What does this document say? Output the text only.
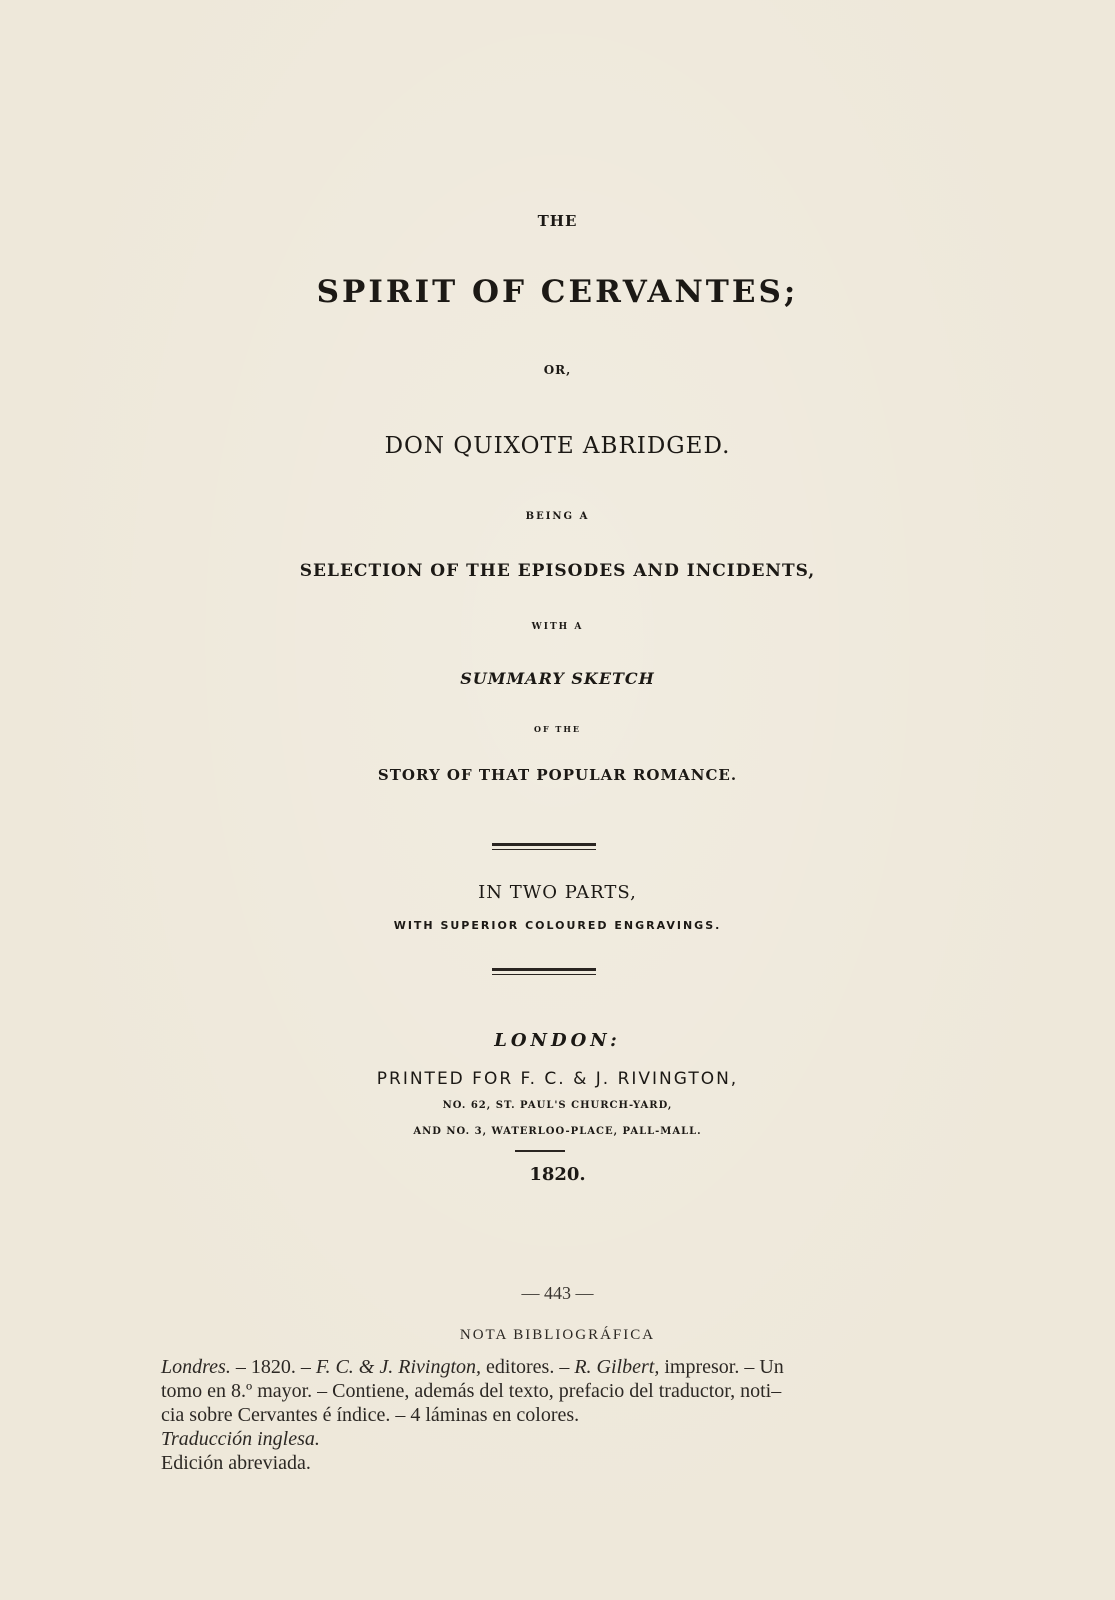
THE
SPIRIT OF CERVANTES;
OR,
DON QUIXOTE ABRIDGED.
BEING A
SELECTION OF THE EPISODES AND INCIDENTS,
WITH A
SUMMARY SKETCH
OF THE
STORY OF THAT POPULAR ROMANCE.
IN TWO PARTS,
WITH SUPERIOR COLOURED ENGRAVINGS.
LONDON:
PRINTED FOR F. C. & J. RIVINGTON,
NO. 62, ST. PAUL'S CHURCH-YARD,
AND NO. 3, WATERLOO-PLACE, PALL-MALL.
1820.
— 443 —
NOTA BIBLIOGRÁFICA
Londres. – 1820. – F. C. & J. Rivington, editores. – R. Gilbert, impresor. – Un
tomo en 8.º mayor. – Contiene, además del texto, prefacio del traductor, noti–
cia sobre Cervantes é índice. – 4 láminas en colores.
Traducción inglesa.
Edición abreviada.
